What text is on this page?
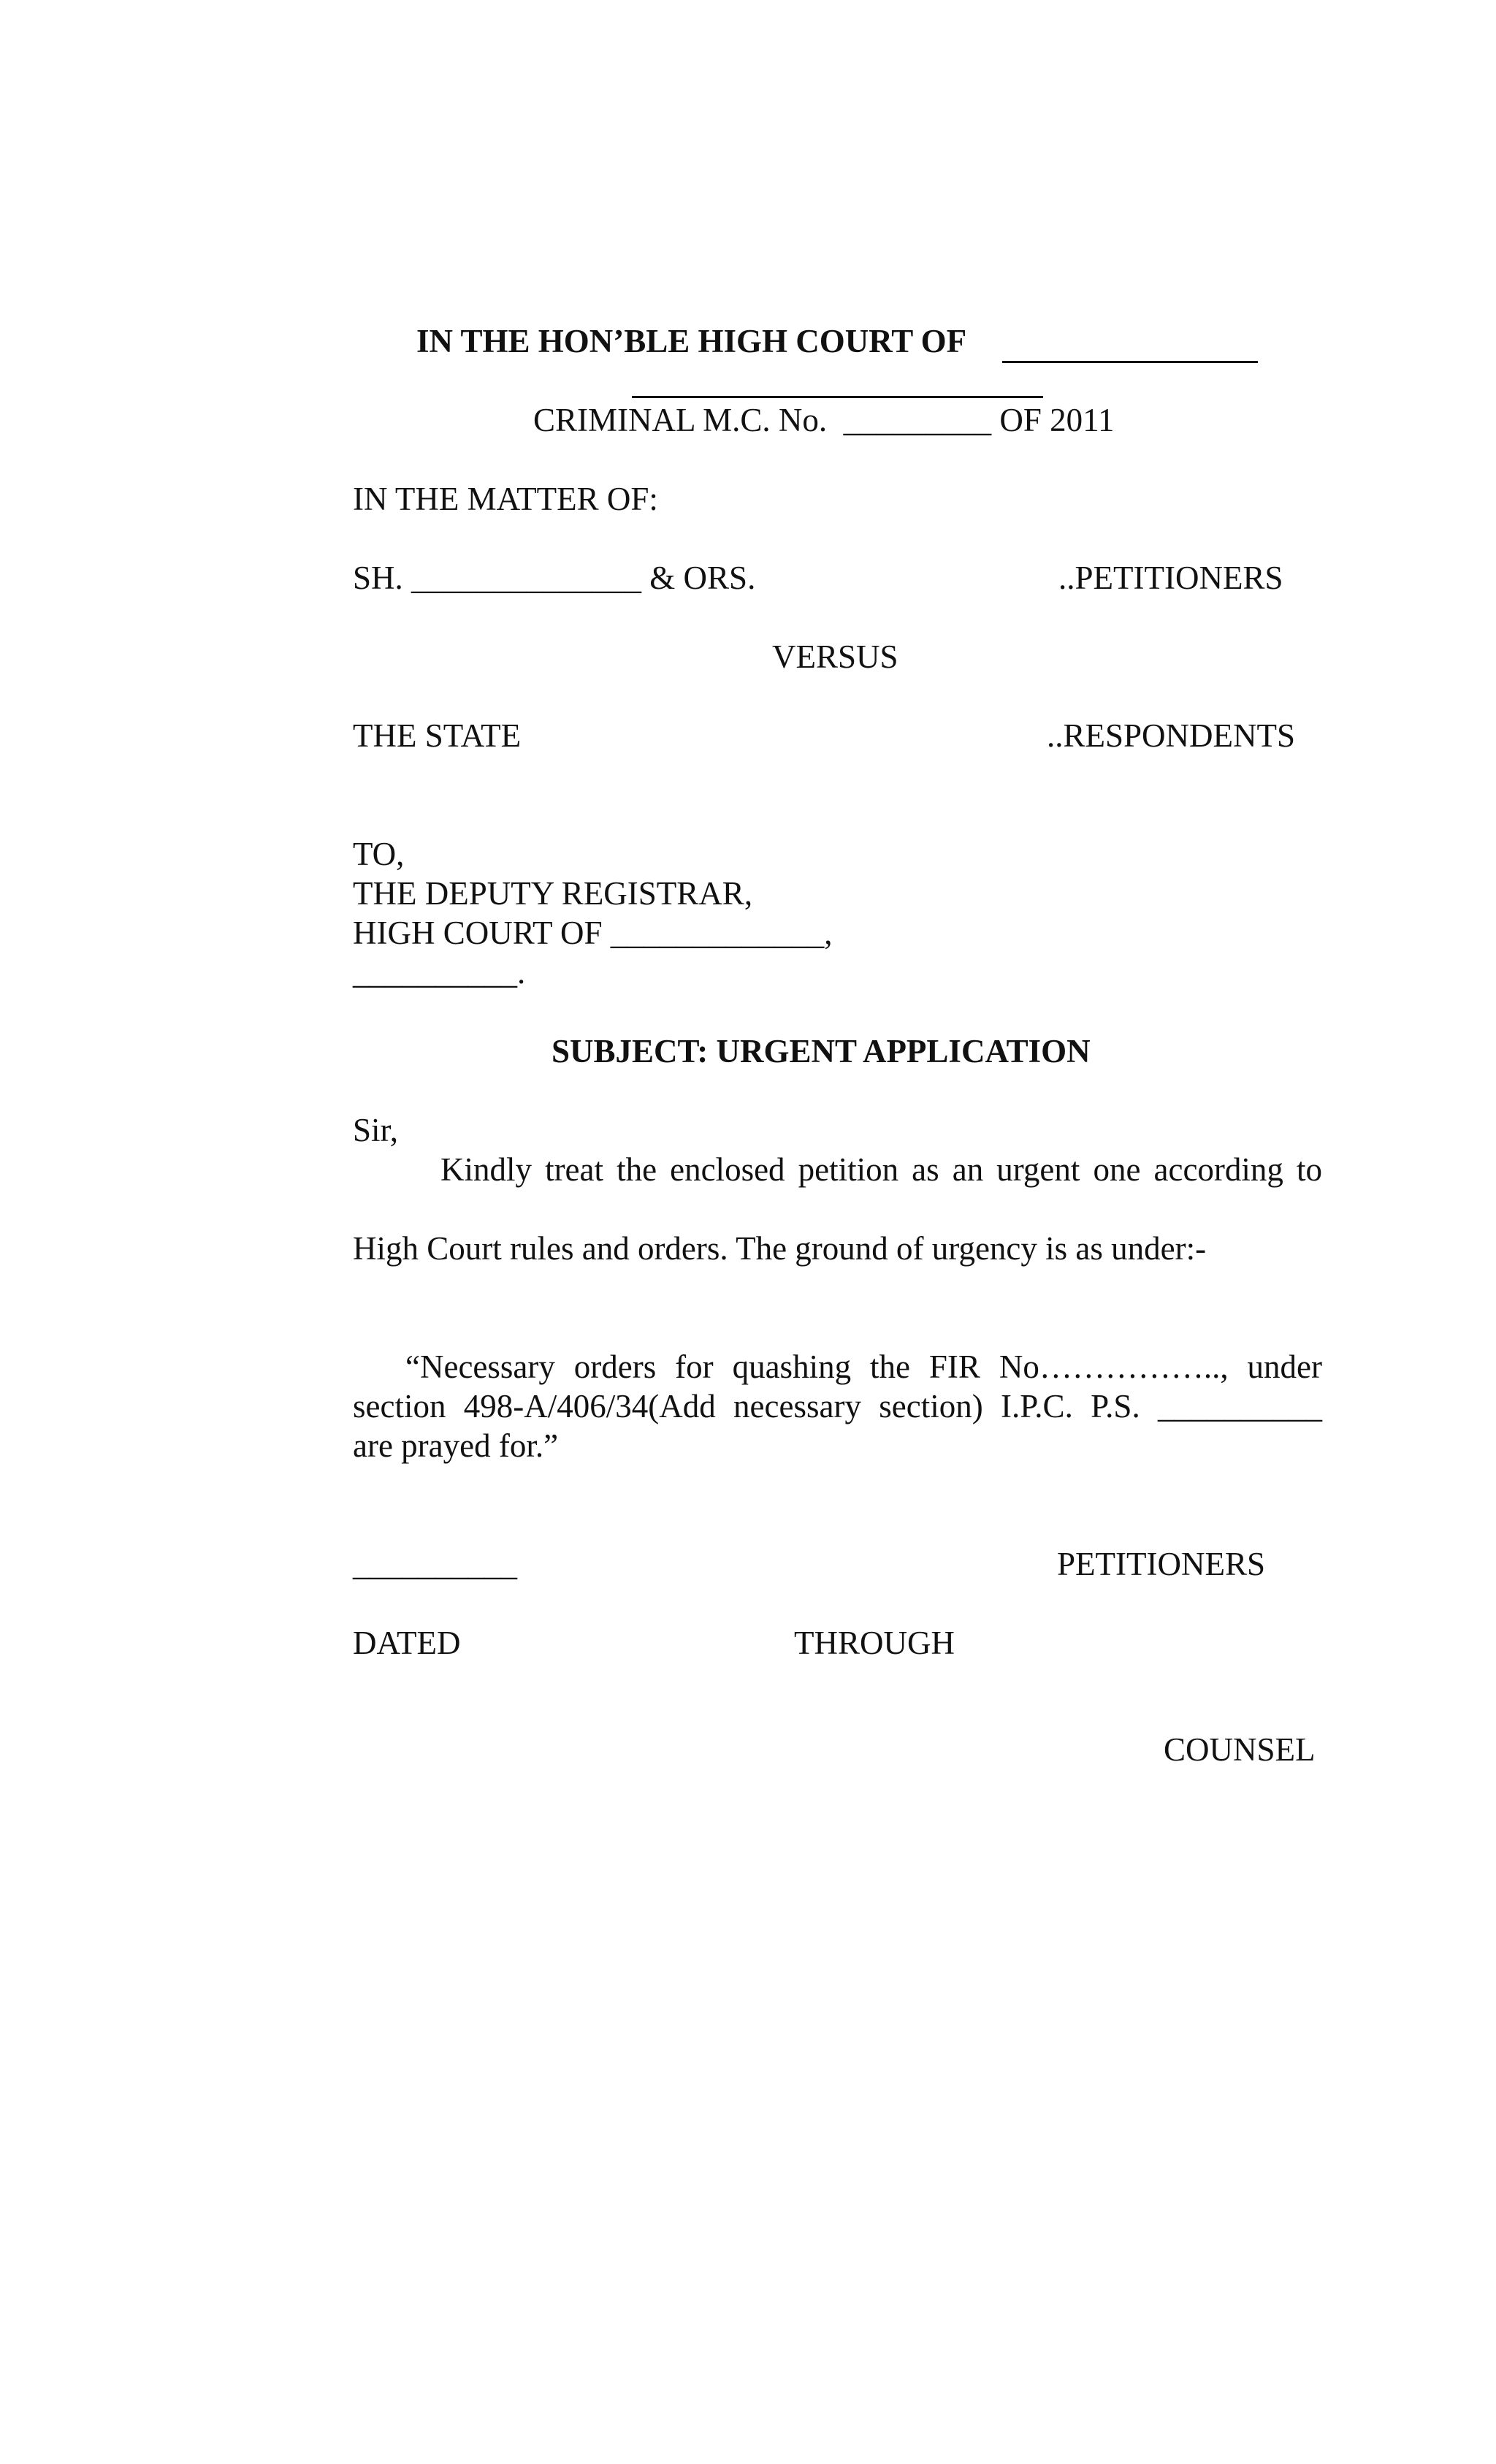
IN THE HON’BLE HIGH COURT OF
CRIMINAL M.C. No.  _________ OF 2011
IN THE MATTER OF:
SH. ______________ & ORS.	..PETITIONERS
VERSUS
THE STATE	..RESPONDENTS
TO,
THE DEPUTY REGISTRAR,
HIGH COURT OF _____________,
__________.
SUBJECT: URGENT APPLICATION
Sir,
Kindly treat the enclosed petition as an urgent one according to
High Court rules and orders. The ground of urgency is as under:-
“Necessary orders for quashing the FIR No…………….., under
section 498-A/406/34(Add necessary section) I.P.C. P.S. __________
are prayed for.”
__________	PETITIONERS
DATED	THROUGH
COUNSEL
